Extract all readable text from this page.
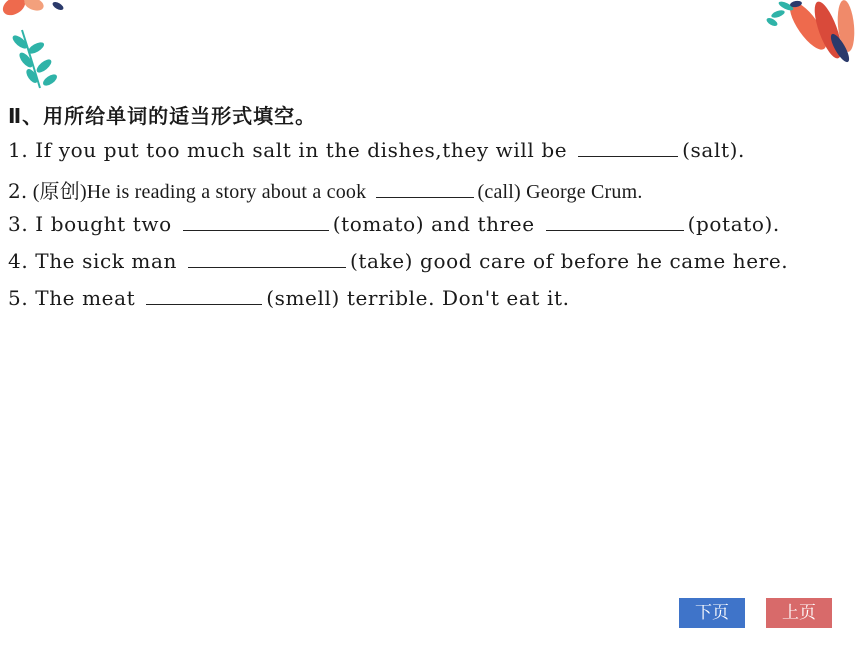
Ⅱ、用所给单词的适当形式填空。
1. If you put too much salt in the dishes,they will be	(salt).
2. (原创)He is reading a story about a cook	(call) George Crum.
3. I bought two	(tomato) and three	(potato).
4. The sick man	(take) good care of before he came here.
5. The meat	(smell) terrible. Don't eat it.
下页	上页
